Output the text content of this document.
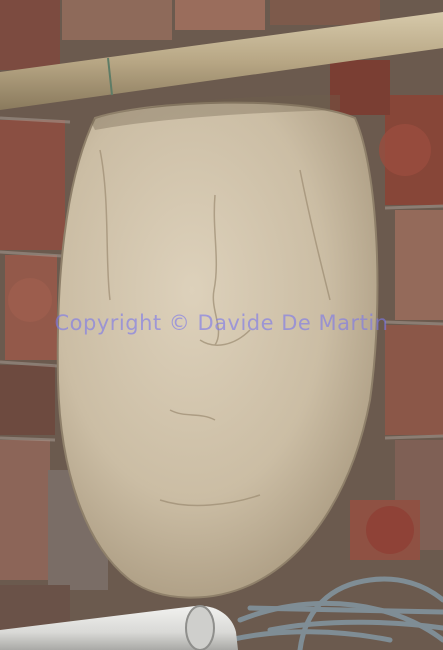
Copyright © Davide De Martin
